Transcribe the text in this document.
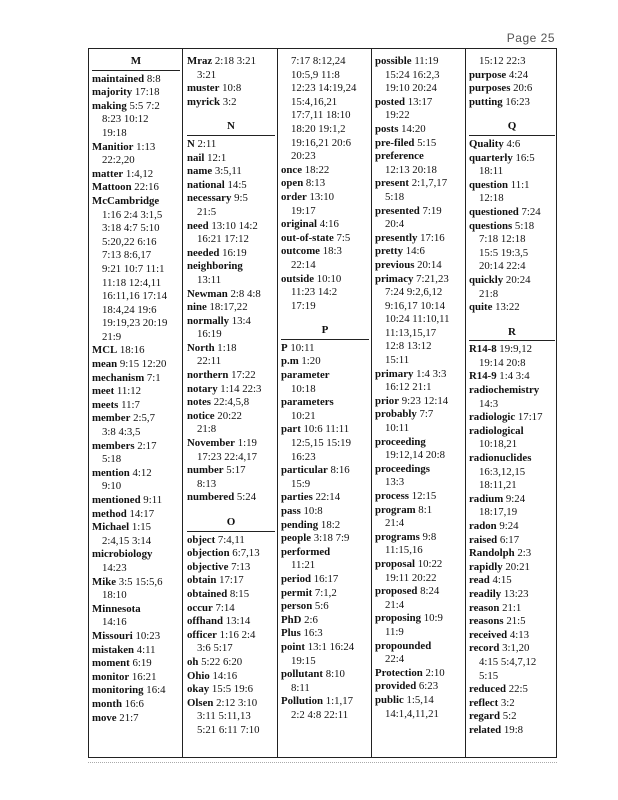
Page 25
M
maintained 8:8
majority 17:18
making 5:5 7:2
8:23 10:12
19:18
Manitior 1:13
22:2,20
matter 1:4,12
Mattoon 22:16
McCambridge
1:16 2:4 3:1,5
3:18 4:7 5:10
5:20,22 6:16
7:13 8:6,17
9:21 10:7 11:1
11:18 12:4,11
16:11,16 17:14
18:4,24 19:6
19:19,23 20:19
21:9
MCL 18:16
mean 9:15 12:20
mechanism 7:1
meet 11:12
meets 11:7
member 2:5,7
3:8 4:3,5
members 2:17
5:18
mention 4:12
9:10
mentioned 9:11
method 14:17
Michael 1:15
2:4,15 3:14
microbiology
14:23
Mike 3:5 15:5,6
18:10
Minnesota
14:16
Missouri 10:23
mistaken 4:11
moment 6:19
monitor 16:21
monitoring 16:4
month 16:6
move 21:7
Mraz 2:18 3:21
3:21
muster 10:8
myrick 3:2
N
N 2:11
nail 12:1
name 3:5,11
national 14:5
necessary 9:5
21:5
need 13:10 14:2
16:21 17:12
needed 16:19
neighboring
13:11
Newman 2:8 4:8
nine 18:17,22
normally 13:4
16:19
North 1:18
22:11
northern 17:22
notary 1:14 22:3
notes 22:4,5,8
notice 20:22
21:8
November 1:19
17:23 22:4,17
number 5:17
8:13
numbered 5:24
O
object 7:4,11
objection 6:7,13
objective 7:13
obtain 17:17
obtained 8:15
occur 7:14
offhand 13:14
officer 1:16 2:4
3:6 5:17
oh 5:22 6:20
Ohio 14:16
okay 15:5 19:6
Olsen 2:12 3:10
3:11 5:11,13
5:21 6:11 7:10
7:17 8:12,24
10:5,9 11:8
12:23 14:19,24
15:4,16,21
17:7,11 18:10
18:20 19:1,2
19:16,21 20:6
20:23
once 18:22
open 8:13
order 13:10
19:17
original 4:16
out-of-state 7:5
outcome 18:3
22:14
outside 10:10
11:23 14:2
17:19
P
P 10:11
p.m 1:20
parameter
10:18
parameters
10:21
part 10:6 11:11
12:5,15 15:19
16:23
particular 8:16
15:9
parties 22:14
pass 10:8
pending 18:2
people 3:18 7:9
performed
11:21
period 16:17
permit 7:1,2
person 5:6
PhD 2:6
Plus 16:3
point 13:1 16:24
19:15
pollutant 8:10
8:11
Pollution 1:1,17
2:2 4:8 22:11
possible 11:19
15:24 16:2,3
19:10 20:24
posted 13:17
19:22
posts 14:20
pre-filed 5:15
preference
12:13 20:18
present 2:1,7,17
5:18
presented 7:19
20:4
presently 17:16
pretty 14:6
previous 20:14
primacy 7:21,23
7:24 9:2,6,12
9:16,17 10:14
10:24 11:10,11
11:13,15,17
12:8 13:12
15:11
primary 1:4 3:3
16:12 21:1
prior 9:23 12:14
probably 7:7
10:11
proceeding
19:12,14 20:8
proceedings
13:3
process 12:15
program 8:1
21:4
programs 9:8
11:15,16
proposal 10:22
19:11 20:22
proposed 8:24
21:4
proposing 10:9
11:9
propounded
22:4
Protection 2:10
provided 6:23
public 1:5,14
14:1,4,11,21
15:12 22:3
purpose 4:24
purposes 20:6
putting 16:23
Q
Quality 4:6
quarterly 16:5
18:11
question 11:1
12:18
questioned 7:24
questions 5:18
7:18 12:18
15:5 19:3,5
20:14 22:4
quickly 20:24
21:8
quite 13:22
R
R14-8 19:9,12
19:14 20:8
R14-9 1:4 3:4
radiochemistry
14:3
radiologic 17:17
radiological
10:18,21
radionuclides
16:3,12,15
18:11,21
radium 9:24
18:17,19
radon 9:24
raised 6:17
Randolph 2:3
rapidly 20:21
read 4:15
readily 13:23
reason 21:1
reasons 21:5
received 4:13
record 3:1,20
4:15 5:4,7,12
5:15
reduced 22:5
reflect 3:2
regard 5:2
related 19:8
